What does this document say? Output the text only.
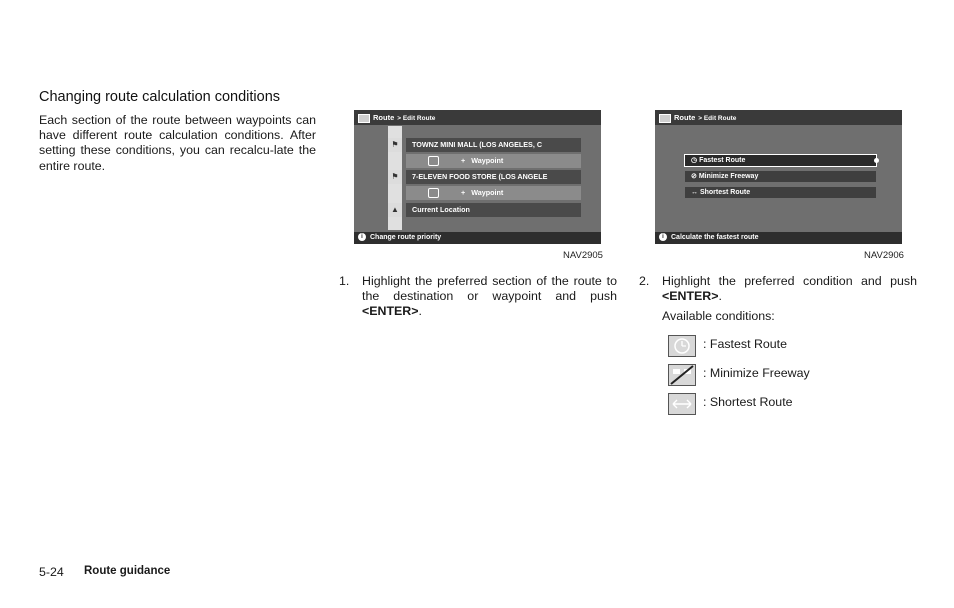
Changing route calculation conditions
Each section of the route between waypoints can have different route calculation conditions. After setting these conditions, you can recalcu-late the entire route.
Route > Edit Route
⚑
⚑
▲
TOWNZ MINI MALL (LOS ANGELES, C
+ Waypoint
7-ELEVEN FOOD STORE (LOS ANGELE
+ Waypoint
Current Location
i Change route priority
NAV2905
Route > Edit Route
◷ Fastest Route
⊘ Minimize Freeway
↔ Shortest Route
i Calculate the fastest route
NAV2906
1. Highlight the preferred section of the route to the destination or waypoint and push <ENTER>.
2. Highlight the preferred condition and push <ENTER>.
Available conditions:
: Fastest Route
: Minimize Freeway
: Shortest Route
5-24 Route guidance
